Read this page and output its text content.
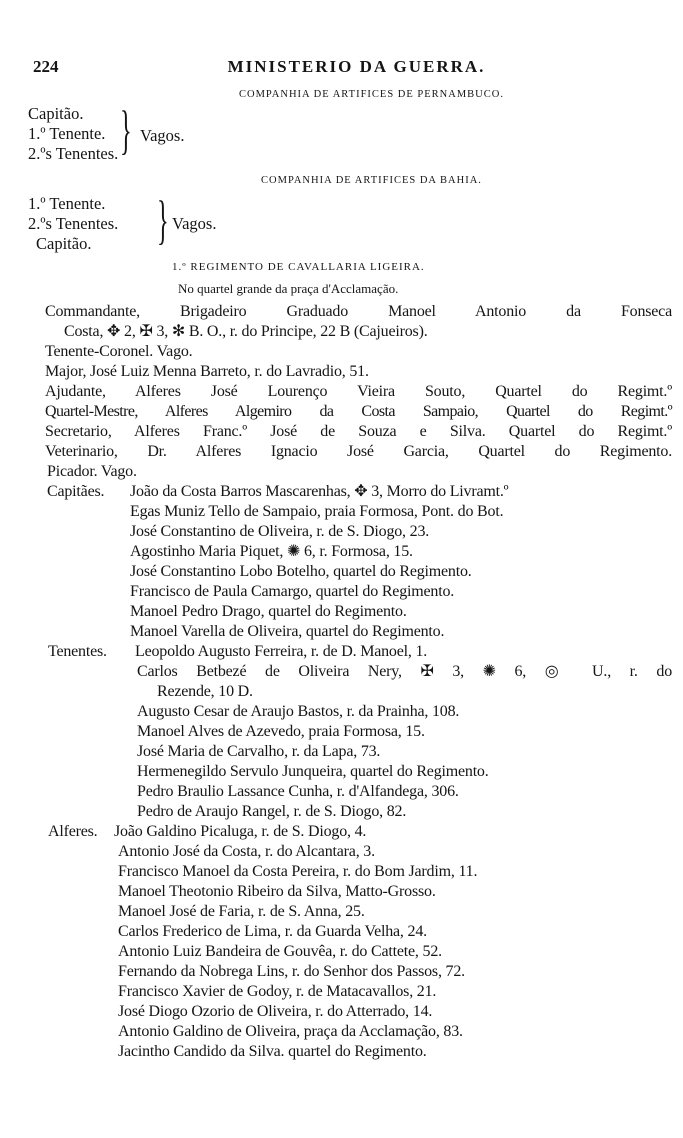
224	MINISTERIO DA GUERRA.
COMPANHIA DE ARTIFICES DE PERNAMBUCO.
Capitão.
1.º Tenente.
2.ºs Tenentes. } Vagos.
COMPANHIA DE ARTIFICES DA BAHIA.
1.º Tenente.
2.ºs Tenentes.
Capitão. } Vagos.
1.º REGIMENTO DE CAVALLARIA LIGEIRA.
No quartel grande da praça d'Acclamação.
Commandante, Brigadeiro Graduado Manoel Antonio da Fonseca
Costa, ✥ 2, ✠ 3, ✻ B. O., r. do Principe, 22 B (Cajueiros).
Tenente-Coronel. Vago.
Major, José Luiz Menna Barreto, r. do Lavradio, 51.
Ajudante, Alferes José Lourenço Vieira Souto, Quartel do Regimt.º
Quartel-Mestre, Alferes Algemiro da Costa Sampaio, Quartel do Regimt.º
Secretario, Alferes Franc.º José de Souza e Silva. Quartel do Regimt.º
Veterinario, Dr. Alferes Ignacio José Garcia, Quartel do Regimento.
Picador. Vago.
Capitães. João da Costa Barros Mascarenhas, ✥ 3, Morro do Livramt.º
Egas Muniz Tello de Sampaio, praia Formosa, Pont. do Bot.
José Constantino de Oliveira, r. de S. Diogo, 23.
Agostinho Maria Piquet, ✺ 6, r. Formosa, 15.
José Constantino Lobo Botelho, quartel do Regimento.
Francisco de Paula Camargo, quartel do Regimento.
Manoel Pedro Drago, quartel do Regimento.
Manoel Varella de Oliveira, quartel do Regimento.
Tenentes. Leopoldo Augusto Ferreira, r. de D. Manoel, 1.
Carlos Betbezé de Oliveira Nery, ✠ 3, ✺ 6, ◎ U., r. do
Rezende, 10 D.
Augusto Cesar de Araujo Bastos, r. da Prainha, 108.
Manoel Alves de Azevedo, praia Formosa, 15.
José Maria de Carvalho, r. da Lapa, 73.
Hermenegildo Servulo Junqueira, quartel do Regimento.
Pedro Braulio Lassance Cunha, r. d'Alfandega, 306.
Pedro de Araujo Rangel, r. de S. Diogo, 82.
Alferes. João Galdino Picaluga, r. de S. Diogo, 4.
Antonio José da Costa, r. do Alcantara, 3.
Francisco Manoel da Costa Pereira, r. do Bom Jardim, 11.
Manoel Theotonio Ribeiro da Silva, Matto-Grosso.
Manoel José de Faria, r. de S. Anna, 25.
Carlos Frederico de Lima, r. da Guarda Velha, 24.
Antonio Luiz Bandeira de Gouvêa, r. do Cattete, 52.
Fernando da Nobrega Lins, r. do Senhor dos Passos, 72.
Francisco Xavier de Godoy, r. de Matacavallos, 21.
José Diogo Ozorio de Oliveira, r. do Atterrado, 14.
Antonio Galdino de Oliveira, praça da Acclamação, 83.
Jacintho Candido da Silva. quartel do Regimento.
